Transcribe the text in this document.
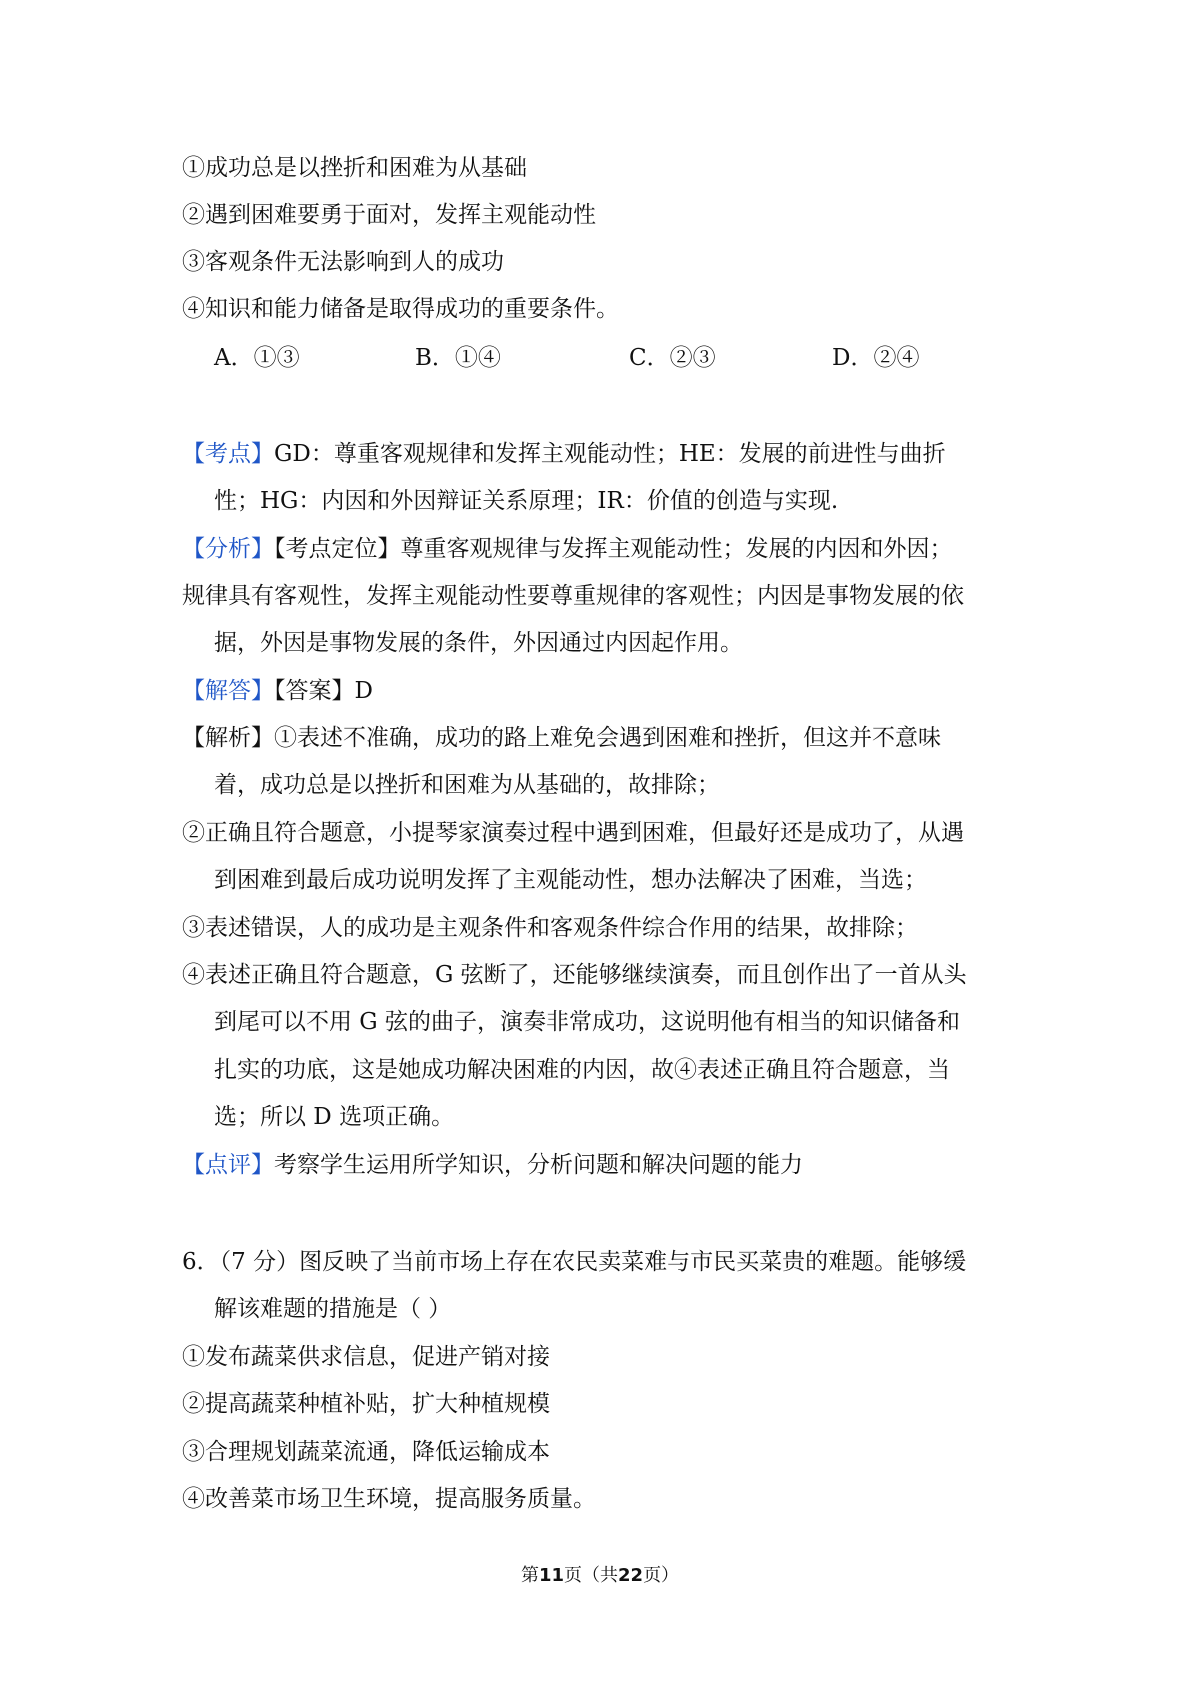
①成功总是以挫折和困难为从基础
②遇到困难要勇于面对，发挥主观能动性
③客观条件无法影响到人的成功
④知识和能力储备是取得成功的重要条件。
A．①③	B．①④	C．②③	D．②④
【考点】GD：尊重客观规律和发挥主观能动性；HE：发展的前进性与曲折
性；HG：内因和外因辩证关系原理；IR：价值的创造与实现.
【分析】【考点定位】尊重客观规律与发挥主观能动性；发展的内因和外因；
规律具有客观性，发挥主观能动性要尊重规律的客观性；内因是事物发展的依
据，外因是事物发展的条件，外因通过内因起作用。
【解答】【答案】D
【解析】①表述不准确，成功的路上难免会遇到困难和挫折，但这并不意味
着，成功总是以挫折和困难为从基础的，故排除；
②正确且符合题意，小提琴家演奏过程中遇到困难，但最好还是成功了，从遇
到困难到最后成功说明发挥了主观能动性，想办法解决了困难，当选；
③表述错误，人的成功是主观条件和客观条件综合作用的结果，故排除；
④表述正确且符合题意，G 弦断了，还能够继续演奏，而且创作出了一首从头
到尾可以不用 G 弦的曲子，演奏非常成功，这说明他有相当的知识储备和
扎实的功底，这是她成功解决困难的内因，故④表述正确且符合题意，当
选；所以 D 选项正确。
【点评】考察学生运用所学知识，分析问题和解决问题的能力
6．（7 分）图反映了当前市场上存在农民卖菜难与市民买菜贵的难题。能够缓
解该难题的措施是（ ）
①发布蔬菜供求信息，促进产销对接
②提高蔬菜种植补贴，扩大种植规模
③合理规划蔬菜流通，降低运输成本
④改善菜市场卫生环境，提高服务质量。
第11页（共22页）
